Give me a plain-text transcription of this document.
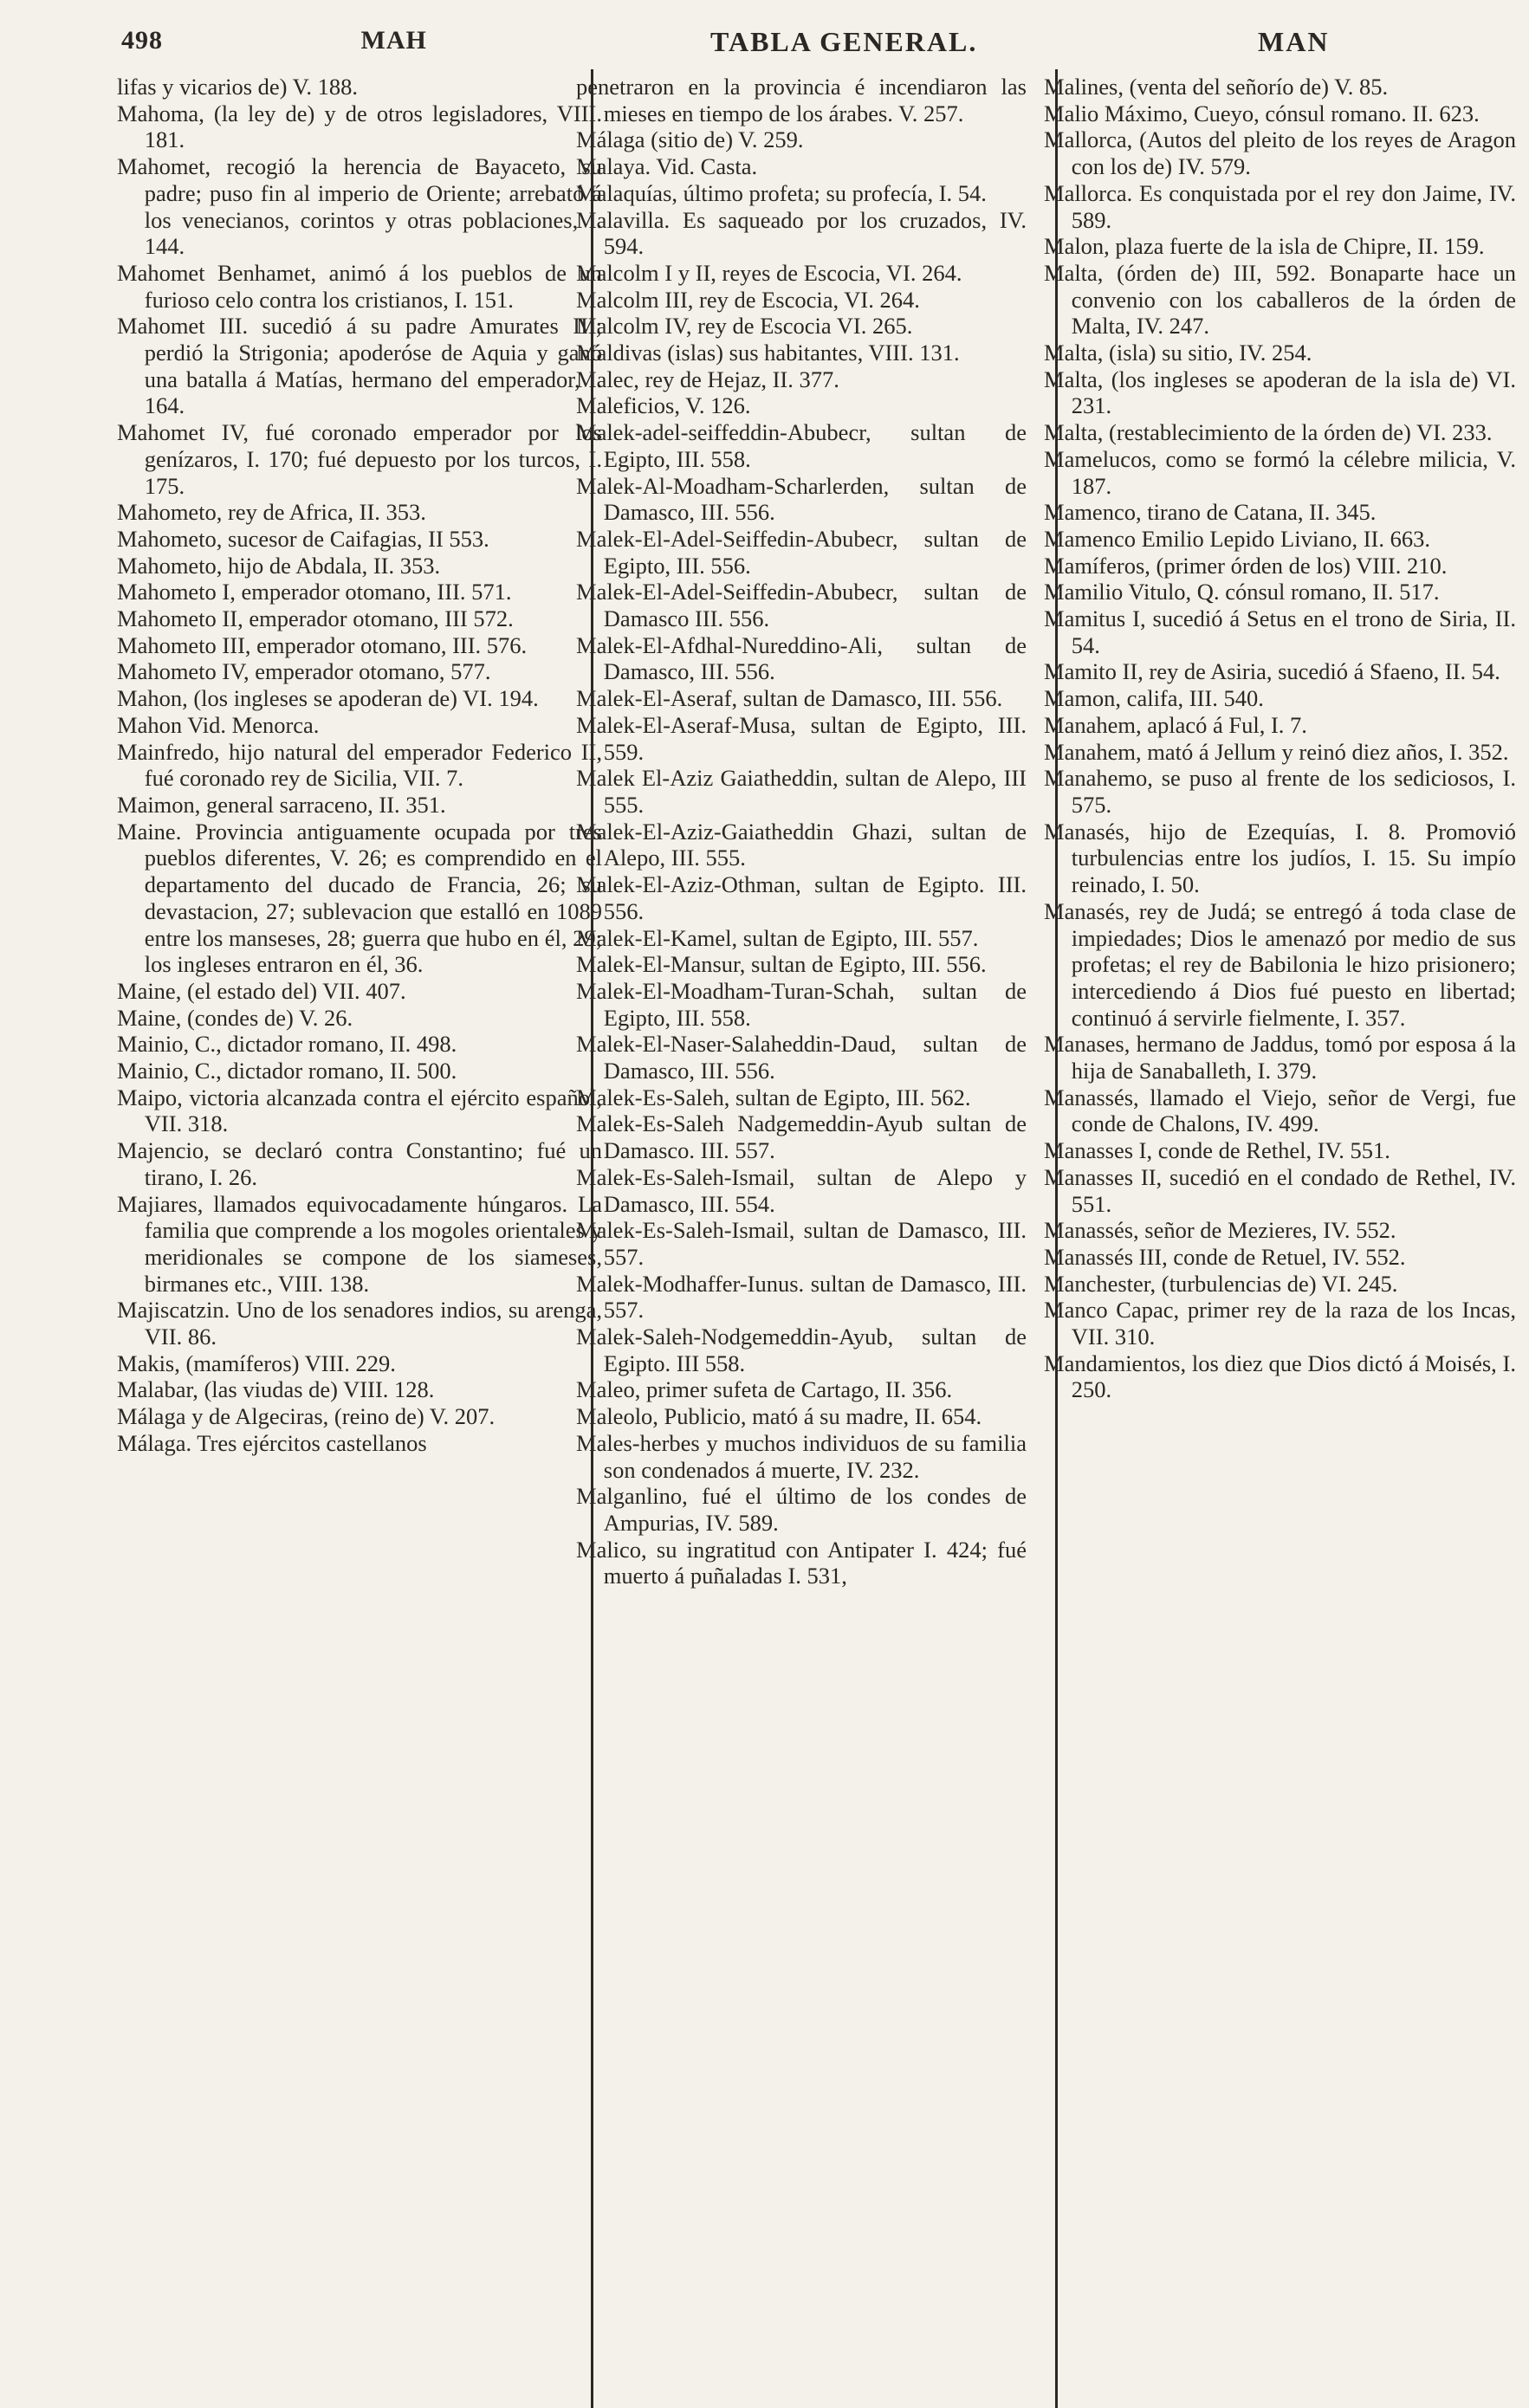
498	MAH	TABLA GENERAL.	MAN

lifas y vicarios de) V. 188.

Mahoma, (la ley de) y de otros legisladores, VIII. 181.

Mahomet, recogió la herencia de Bayaceto, su padre; puso fin al imperio de Oriente; arrebató á los venecianos, corintos y otras poblaciones, I. 144.

Mahomet Benhamet, animó á los pueblos de un furioso celo contra los cristianos, I. 151.

Mahomet III. sucedió á su padre Amurates III; perdió la Strigonia; apoderóse de Aquia y ganó una batalla á Matías, hermano del emperador, I. 164.

Mahomet IV, fué coronado emperador por los genízaros, I. 170; fué depuesto por los turcos, I. 175.

Mahometo, rey de Africa, II. 353.

Mahometo, sucesor de Caifagias, II 553.

Mahometo, hijo de Abdala, II. 353.

Mahometo I, emperador otomano, III. 571.

Mahometo II, emperador otomano, III 572.

Mahometo III, emperador otomano, III. 576.

Mahometo IV, emperador otomano, 577.

Mahon, (los ingleses se apoderan de) VI. 194.

Mahon Vid. Menorca.

Mainfredo, hijo natural del emperador Federico II, fué coronado rey de Sicilia, VII. 7.

Maimon, general sarraceno, II. 351.

Maine. Provincia antiguamente ocupada por tres pueblos diferentes, V. 26; es comprendido en el departamento del ducado de Francia, 26; su devastacion, 27; sublevacion que estalló en 1089 entre los manseses, 28; guerra que hubo en él, 29; los ingleses entraron en él, 36.

Maine, (el estado del) VII. 407.

Maine, (condes de) V. 26.

Mainio, C., dictador romano, II. 498.

Mainio, C., dictador romano, II. 500.

Maipo, victoria alcanzada contra el ejército español, VII. 318.

Majencio, se declaró contra Constantino; fué un tirano, I. 26.

Majiares, llamados equivocadamente húngaros. La familia que comprende a los mogoles orientales y meridionales se compone de los siameses, birmanes etc., VIII. 138.

Majiscatzin. Uno de los senadores indios, su arenga, VII. 86.

Makis, (mamíferos) VIII. 229.

Malabar, (las viudas de) VIII. 128.

Málaga y de Algeciras, (reino de) V. 207.

Málaga. Tres ejércitos castellanos

penetraron en la provincia é incendiaron las mieses en tiempo de los árabes. V. 257.

Málaga (sitio de) V. 259.

Malaya. Vid. Casta.

Malaquías, último profeta; su profecía, I. 54.

Malavilla. Es saqueado por los cruzados, IV. 594.

Malcolm I y II, reyes de Escocia, VI. 264.

Malcolm III, rey de Escocia, VI. 264.

Malcolm IV, rey de Escocia VI. 265.

Maldivas (islas) sus habitantes, VIII. 131.

Malec, rey de Hejaz, II. 377.

Maleficios, V. 126.

Malek-adel-seiffeddin-Abubecr, sultan de Egipto, III. 558.

Malek-Al-Moadham-Scharlerden, sultan de Damasco, III. 556.

Malek-El-Adel-Seiffedin-Abubecr, sultan de Egipto, III. 556.

Malek-El-Adel-Seiffedin-Abubecr, sultan de Damasco III. 556.

Malek-El-Afdhal-Nureddino-Ali, sultan de Damasco, III. 556.

Malek-El-Aseraf, sultan de Damasco, III. 556.

Malek-El-Aseraf-Musa, sultan de Egipto, III. 559.

Malek El-Aziz Gaiatheddin, sultan de Alepo, III 555.

Malek-El-Aziz-Gaiatheddin Ghazi, sultan de Alepo, III. 555.

Malek-El-Aziz-Othman, sultan de Egipto. III. 556.

Malek-El-Kamel, sultan de Egipto, III. 557.

Malek-El-Mansur, sultan de Egipto, III. 556.

Malek-El-Moadham-Turan-Schah, sultan de Egipto, III. 558.

Malek-El-Naser-Salaheddin-Daud, sultan de Damasco, III. 556.

Malek-Es-Saleh, sultan de Egipto, III. 562.

Malek-Es-Saleh Nadgemeddin-Ayub sultan de Damasco. III. 557.

Malek-Es-Saleh-Ismail, sultan de Alepo y Damasco, III. 554.

Malek-Es-Saleh-Ismail, sultan de Damasco, III. 557.

Malek-Modhaffer-Iunus. sultan de Damasco, III. 557.

Malek-Saleh-Nodgemeddin-Ayub, sultan de Egipto. III 558.

Maleo, primer sufeta de Cartago, II. 356.

Maleolo, Publicio, mató á su madre, II. 654.

Males-herbes y muchos individuos de su familia son condenados á muerte, IV. 232.

Malganlino, fué el último de los condes de Ampurias, IV. 589.

Malico, su ingratitud con Antipater I. 424; fué muerto á puñaladas I. 531,

Malines, (venta del señorío de) V. 85.

Malio Máximo, Cueyo, cónsul romano. II. 623.

Mallorca, (Autos del pleito de los reyes de Aragon con los de) IV. 579.

Mallorca. Es conquistada por el rey don Jaime, IV. 589.

Malon, plaza fuerte de la isla de Chipre, II. 159.

Malta, (órden de) III, 592. Bonaparte hace un convenio con los caballeros de la órden de Malta, IV. 247.

Malta, (isla) su sitio, IV. 254.

Malta, (los ingleses se apoderan de la isla de) VI. 231.

Malta, (restablecimiento de la órden de) VI. 233.

Mamelucos, como se formó la célebre milicia, V. 187.

Mamenco, tirano de Catana, II. 345.

Mamenco Emilio Lepido Liviano, II. 663.

Mamíferos, (primer órden de los) VIII. 210.

Mamilio Vitulo, Q. cónsul romano, II. 517.

Mamitus I, sucedió á Setus en el trono de Siria, II. 54.

Mamito II, rey de Asiria, sucedió á Sfaeno, II. 54.

Mamon, califa, III. 540.

Manahem, aplacó á Ful, I. 7.

Manahem, mató á Jellum y reinó diez años, I. 352.

Manahemo, se puso al frente de los sediciosos, I. 575.

Manasés, hijo de Ezequías, I. 8. Promovió turbulencias entre los judíos, I. 15. Su impío reinado, I. 50.

Manasés, rey de Judá; se entregó á toda clase de impiedades; Dios le amenazó por medio de sus profetas; el rey de Babilonia le hizo prisionero; intercediendo á Dios fué puesto en libertad; continuó á servirle fielmente, I. 357.

Manases, hermano de Jaddus, tomó por esposa á la hija de Sanaballeth, I. 379.

Manassés, llamado el Viejo, señor de Vergi, fue conde de Chalons, IV. 499.

Manasses I, conde de Rethel, IV. 551.

Manasses II, sucedió en el condado de Rethel, IV. 551.

Manassés, señor de Mezieres, IV. 552.

Manassés III, conde de Retuel, IV. 552.

Manchester, (turbulencias de) VI. 245.

Manco Capac, primer rey de la raza de los Incas, VII. 310.

Mandamientos, los diez que Dios dictó á Moisés, I. 250.
